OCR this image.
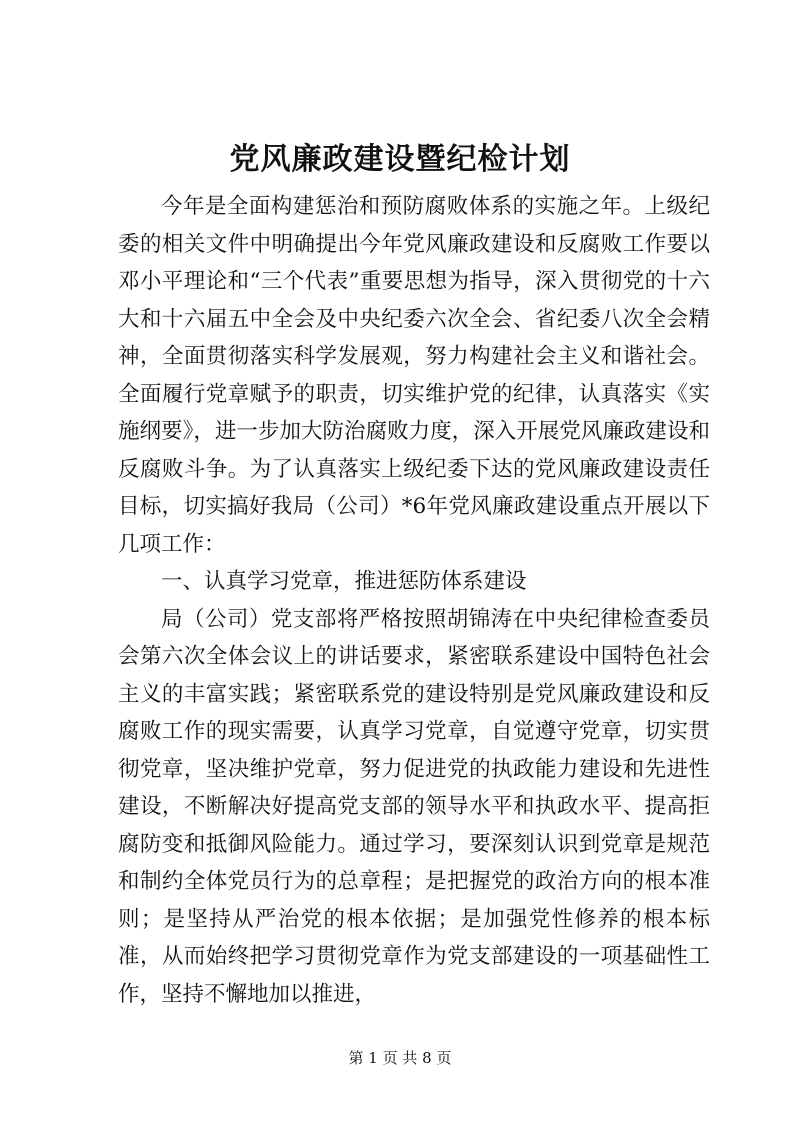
党风廉政建设暨纪检计划

今年是全面构建惩治和预防腐败体系的实施之年。上级纪委的相关文件中明确提出今年党风廉政建设和反腐败工作要以邓小平理论和“三个代表”重要思想为指导，深入贯彻党的十六大和十六届五中全会及中央纪委六次全会、省纪委八次全会精神，全面贯彻落实科学发展观，努力构建社会主义和谐社会。全面履行党章赋予的职责，切实维护党的纪律，认真落实《实施纲要》，进一步加大防治腐败力度，深入开展党风廉政建设和反腐败斗争。为了认真落实上级纪委下达的党风廉政建设责任目标，切实搞好我局（公司）*6年党风廉政建设重点开展以下几项工作：

一、认真学习党章，推进惩防体系建设

局（公司）党支部将严格按照胡锦涛在中央纪律检查委员会第六次全体会议上的讲话要求，紧密联系建设中国特色社会主义的丰富实践；紧密联系党的建设特别是党风廉政建设和反腐败工作的现实需要，认真学习党章，自觉遵守党章，切实贯彻党章，坚决维护党章，努力促进党的执政能力建设和先进性建设，不断解决好提高党支部的领导水平和执政水平、提高拒腐防变和抵御风险能力。通过学习，要深刻认识到党章是规范和制约全体党员行为的总章程；是把握党的政治方向的根本准则；是坚持从严治党的根本依据；是加强党性修养的根本标准，从而始终把学习贯彻党章作为党支部建设的一项基础性工作，坚持不懈地加以推进，

第 1 页 共 8 页
